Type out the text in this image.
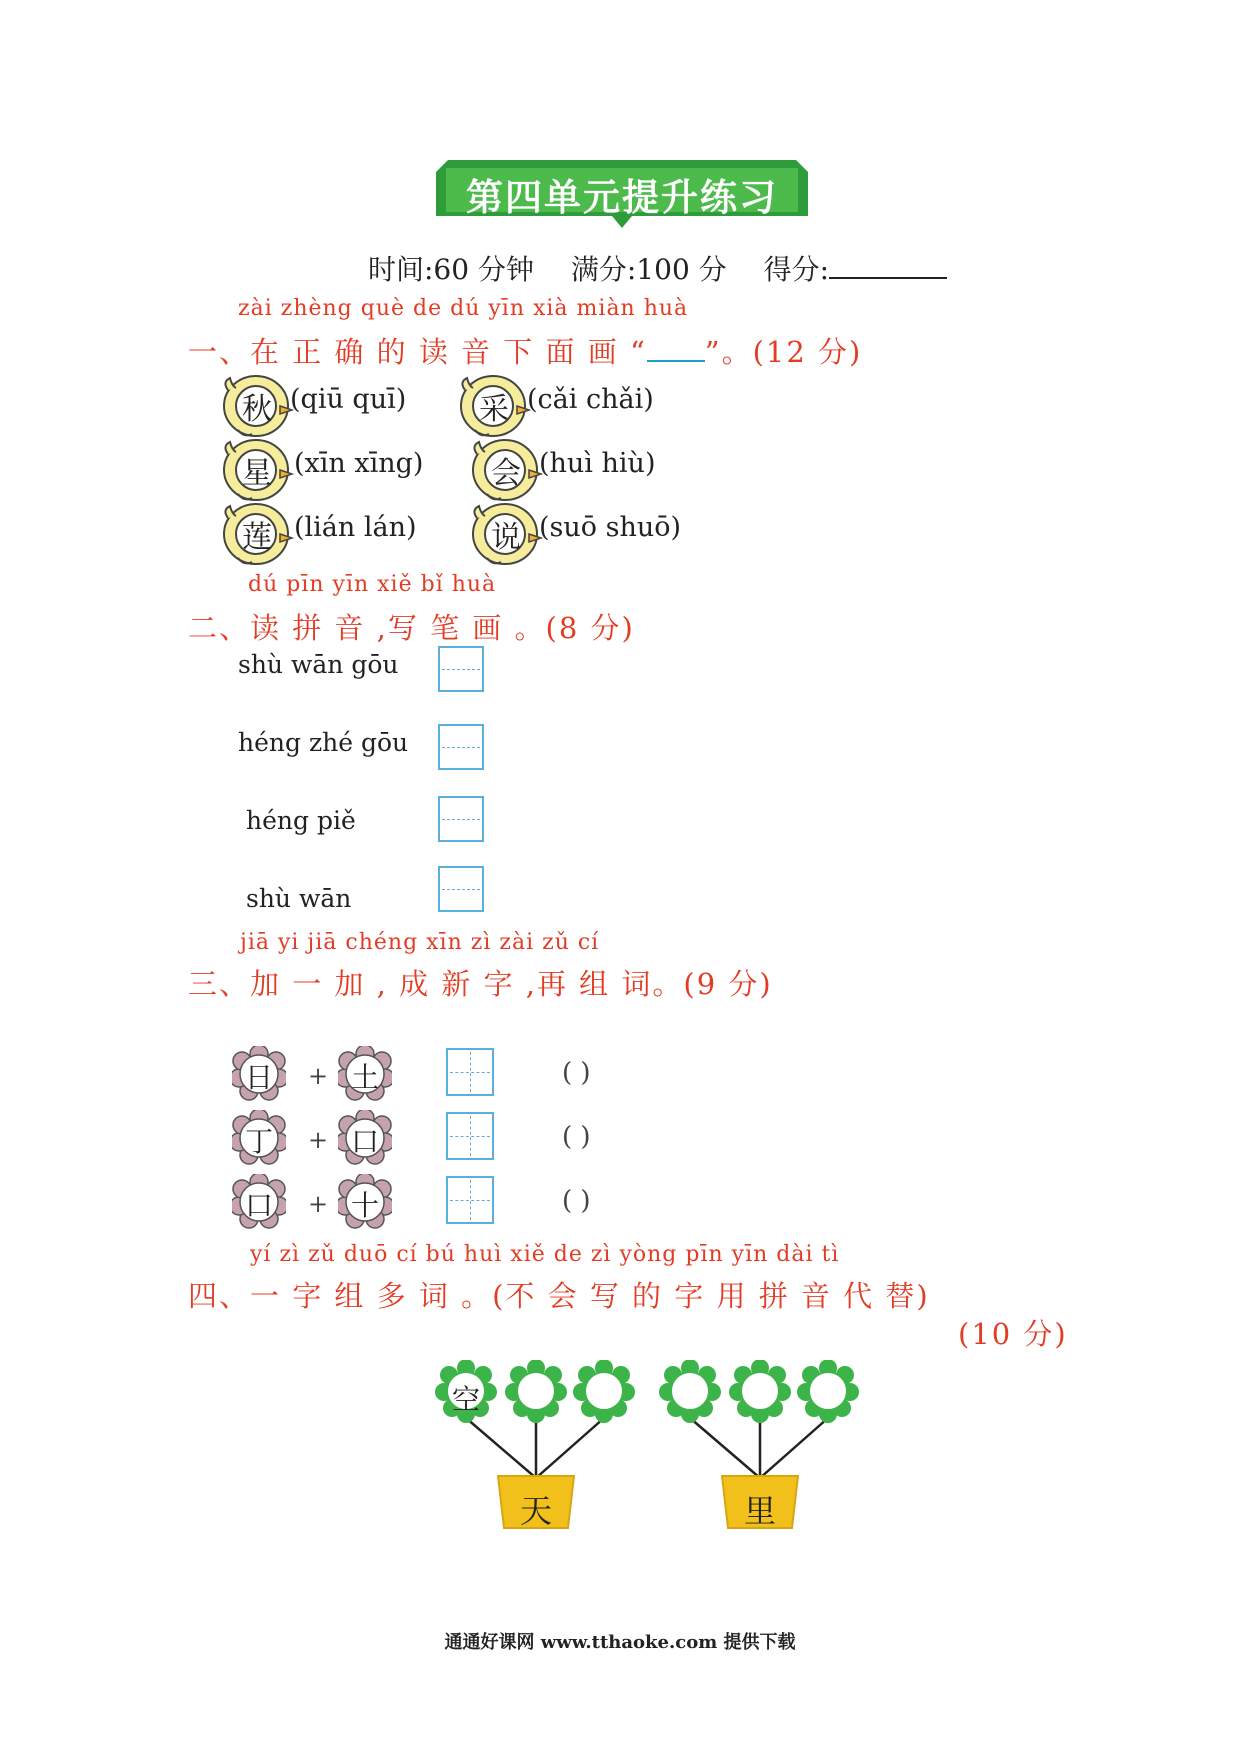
第四单元提升练习
时间:60 分钟 满分:100 分 得分:
zài zhèng què de dú yīn xià miàn huà
一、在 正 确 的 读 音 下 面 画 “ ”。(12 分)
秋 (qiū quī)	采 (cǎi chǎi)
星 (xīn xīng)	会 (huì hiù)
莲 (lián lán)	说 (suō shuō)
dú pīn yīn xiě bǐ huà
二、读 拼 音 ,写 笔 画 。(8 分)
shù wān gōu
héng zhé gōu
héng piě
shù wān
jiā yi jiā chéng xīn zì zài zǔ cí
三、加 一 加 , 成 新 字 ,再 组 词。(9 分)
日 + 土	( )
丁 + 口	( )
口 + 十	( )
yí zì zǔ duō cí bú huì xiě de zì yòng pīn yīn dài tì
四、一 字 组 多 词 。(不 会 写 的 字 用 拼 音 代 替)
(10 分)
空
天	里
通通好课网 www.tthaoke.com 提供下载
